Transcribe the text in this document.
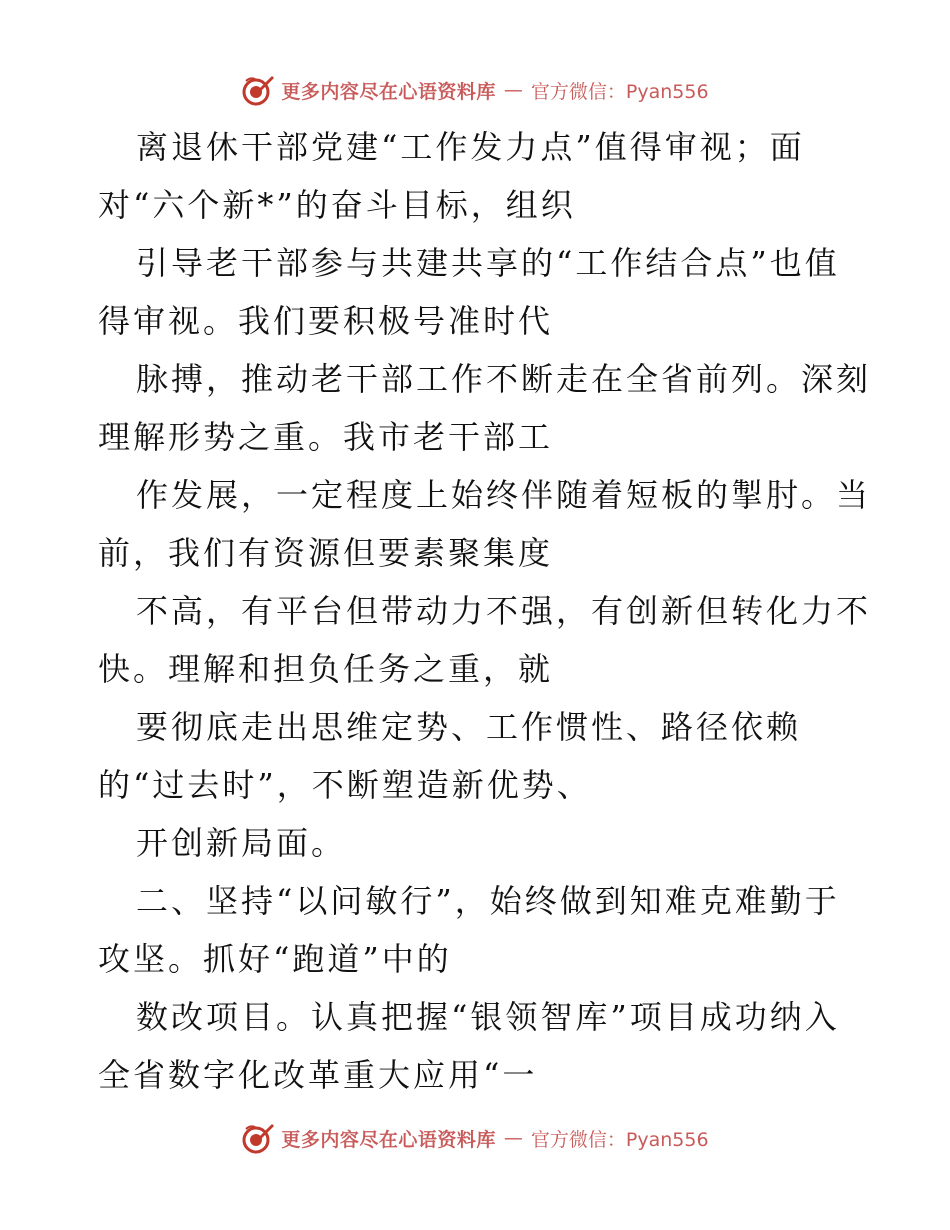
更多内容尽在心语资料库 — 官方微信：Pyan556
离退休干部党建“工作发力点”值得审视；面
对“六个新*”的奋斗目标，组织
引导老干部参与共建共享的“工作结合点”也值
得审视。我们要积极号准时代
脉搏，推动老干部工作不断走在全省前列。深刻
理解形势之重。我市老干部工
作发展，一定程度上始终伴随着短板的掣肘。当
前，我们有资源但要素聚集度
不高，有平台但带动力不强，有创新但转化力不
快。理解和担负任务之重，就
要彻底走出思维定势、工作惯性、路径依赖
的“过去时”，不断塑造新优势、
开创新局面。
二、坚持“以问敏行”，始终做到知难克难勤于
攻坚。抓好“跑道”中的
数改项目。认真把握“银领智库”项目成功纳入
全省数字化改革重大应用“一
更多内容尽在心语资料库 — 官方微信：Pyan556
